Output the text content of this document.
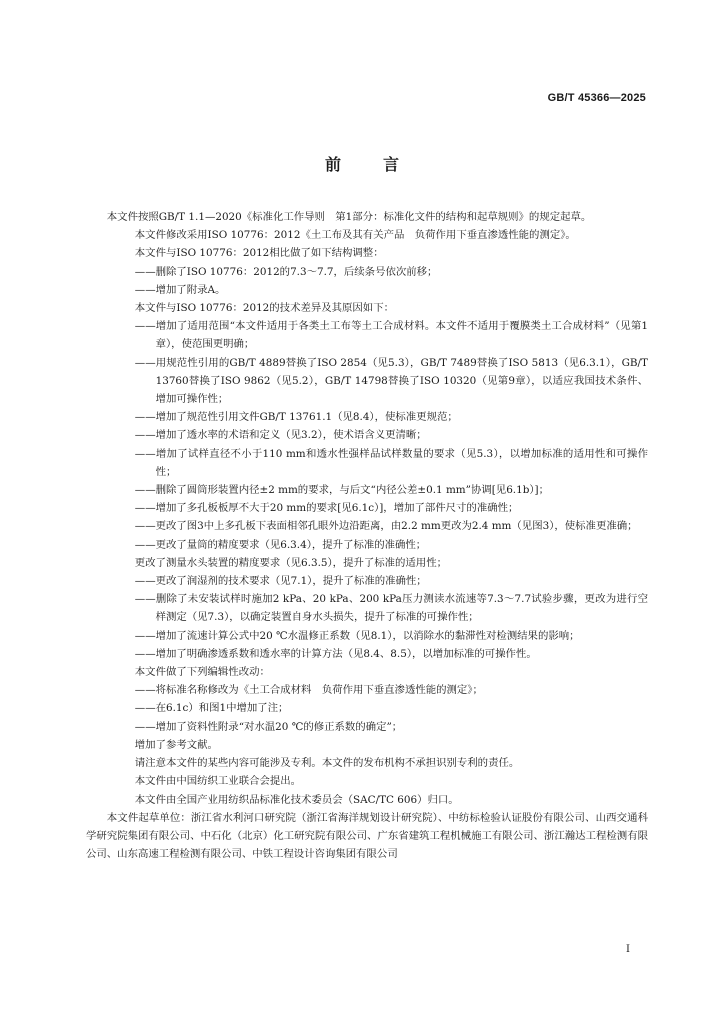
GB/T 45366—2025
前言

本文件按照GB/T 1.1—2020《标准化工作导则　第1部分：标准化文件的结构和起草规则》的规定起草。

本文件修改采用ISO 10776：2012《土工布及其有关产品　负荷作用下垂直渗透性能的测定》。

本文件与ISO 10776：2012相比做了如下结构调整：

——删除了ISO 10776：2012的7.3～7.7，后续条号依次前移；

——增加了附录A。

本文件与ISO 10776：2012的技术差异及其原因如下：

——增加了适用范围“本文件适用于各类土工布等土工合成材料。本文件不适用于覆膜类土工合成材料”（见第1章），使范围更明确；

——用规范性引用的GB/T 4889替换了ISO 2854（见5.3），GB/T 7489替换了ISO 5813（见6.3.1），GB/T 13760替换了ISO 9862（见5.2），GB/T 14798替换了ISO 10320（见第9章），以适应我国技术条件、增加可操作性；

——增加了规范性引用文件GB/T 13761.1（见8.4），使标准更规范；

——增加了透水率的术语和定义（见3.2），使术语含义更清晰；

——增加了试样直径不小于110 mm和透水性强样品试样数量的要求（见5.3），以增加标准的适用性和可操作性；

——删除了圆筒形装置内径±2 mm的要求，与后文“内径公差±0.1 mm”协调[见6.1b）]；

——增加了多孔板板厚不大于20 mm的要求[见6.1c）]，增加了部件尺寸的准确性；

——更改了图3中上多孔板下表面相邻孔眼外边沿距离，由2.2 mm更改为2.4 mm（见图3），使标准更准确；

——更改了量筒的精度要求（见6.3.4），提升了标准的准确性；

更改了测量水头装置的精度要求（见6.3.5），提升了标准的适用性；

——更改了润湿剂的技术要求（见7.1），提升了标准的准确性；

——删除了未安装试样时施加2 kPa、20 kPa、200 kPa压力测读水流速等7.3～7.7试验步骤，更改为进行空样测定（见7.3），以确定装置自身水头损失，提升了标准的可操作性；

——增加了流速计算公式中20 ℃水温修正系数（见8.1），以消除水的黏滞性对检测结果的影响；

——增加了明确渗透系数和透水率的计算方法（见8.4、8.5），以增加标准的可操作性。

本文件做了下列编辑性改动：

——将标准名称修改为《土工合成材料　负荷作用下垂直渗透性能的测定》；

——在6.1c）和图1中增加了注；

——增加了资料性附录“对水温20 ℃的修正系数的确定”；

增加了参考文献。

请注意本文件的某些内容可能涉及专利。本文件的发布机构不承担识别专利的责任。

本文件由中国纺织工业联合会提出。

本文件由全国产业用纺织品标准化技术委员会（SAC/TC 606）归口。

本文件起草单位：浙江省水利河口研究院（浙江省海洋规划设计研究院）、中纺标检验认证股份有限公司、山西交通科学研究院集团有限公司、中石化（北京）化工研究院有限公司、广东省建筑工程机械施工有限公司、浙江瀚达工程检测有限公司、山东高速工程检测有限公司、中铁工程设计咨询集团有限公司

I
